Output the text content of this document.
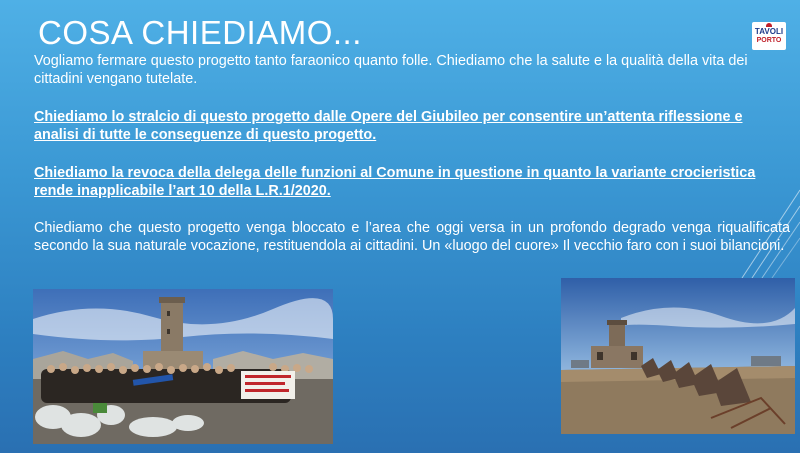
COSA CHIEDIAMO...	TAVOLI
PORTO

Vogliamo fermare questo progetto tanto faraonico quanto folle. Chiediamo che la salute e la qualità della vita dei cittadini vengano tutelate.

Chiediamo lo stralcio di questo progetto dalle Opere del Giubileo per consentire un’attenta riflessione e analisi di tutte le conseguenze di questo progetto.

Chiediamo la revoca della delega delle funzioni al Comune in questione in quanto la variante crocieristica rende inapplicabile l’art 10 della L.R.1/2020.

Chiediamo che questo progetto venga bloccato e l’area che oggi versa in un profondo degrado venga riqualificata secondo la sua naturale vocazione, restituendola ai cittadini. Un «luogo del cuore» Il vecchio faro con i suoi bilancioni.
